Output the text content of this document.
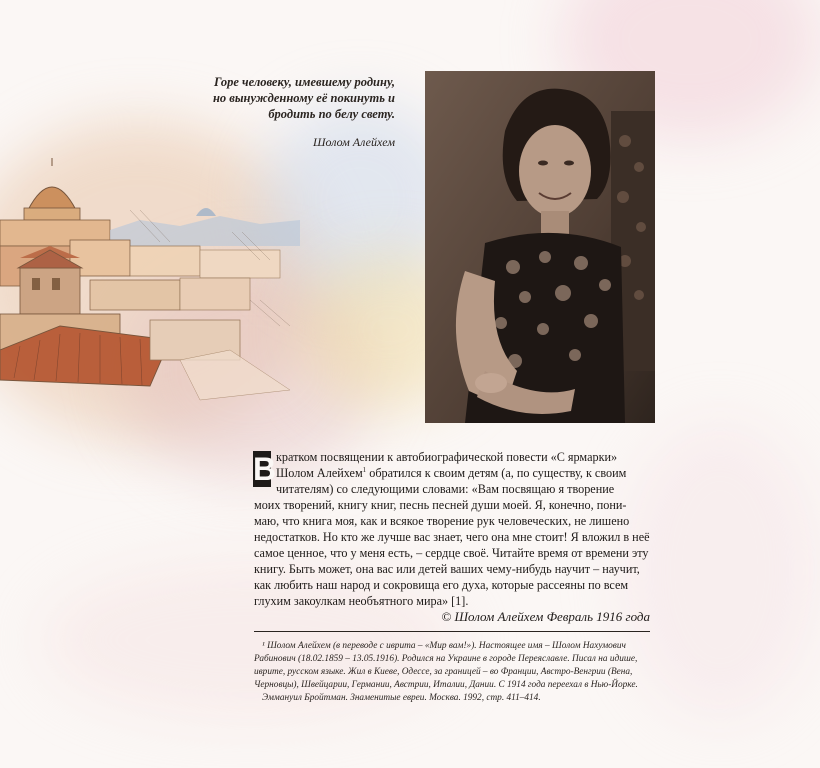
Горе человеку, имевшему родину,
но вынужденному её покинуть и
бродить по белу свету.
Шолом Алейхем
В кратком посвящении к автобиографической повести «С ярмарки»
Шолом Алейхем$^1$ обратился к своим детям (а, по существу, к своим
читателям) со следующими словами: «Вам посвящаю я творение
моих творений, книгу книг, песнь песней души моей. Я, конечно, пони-
маю, что книга моя, как и всякое творение рук человеческих, не лишено
недостатков. Но кто же лучше вас знает, чего она мне стоит! Я вложил в неё
самое ценное, что у меня есть, – сердце своё. Читайте время от времени эту
книгу. Быть может, она вас или детей ваших чему-нибудь научит – научит,
как любить наш народ и сокровища его духа, которые рассеяны по всем
глухим закоулкам необъятного мира» [1].
© Шолом Алейхем Февраль 1916 года
¹ Шолом Алейхем (в переводе с иврита – «Мир вам!»). Настоящее имя – Шолом Нахумович
Рабинович (18.02.1859 – 13.05.1916). Родился на Украине в городе Переяславле. Писал на идише,
иврите, русском языке. Жил в Киеве, Одессе, за границей – во Франции, Австро-Венгрии (Вена,
Черновцы), Швейцарии, Германии, Австрии, Италии, Дании. С 1914 года переехал в Нью-Йорке.
Эммануил Бройтман. Знаменитые евреи. Москва. 1992, стр. 411–414.
